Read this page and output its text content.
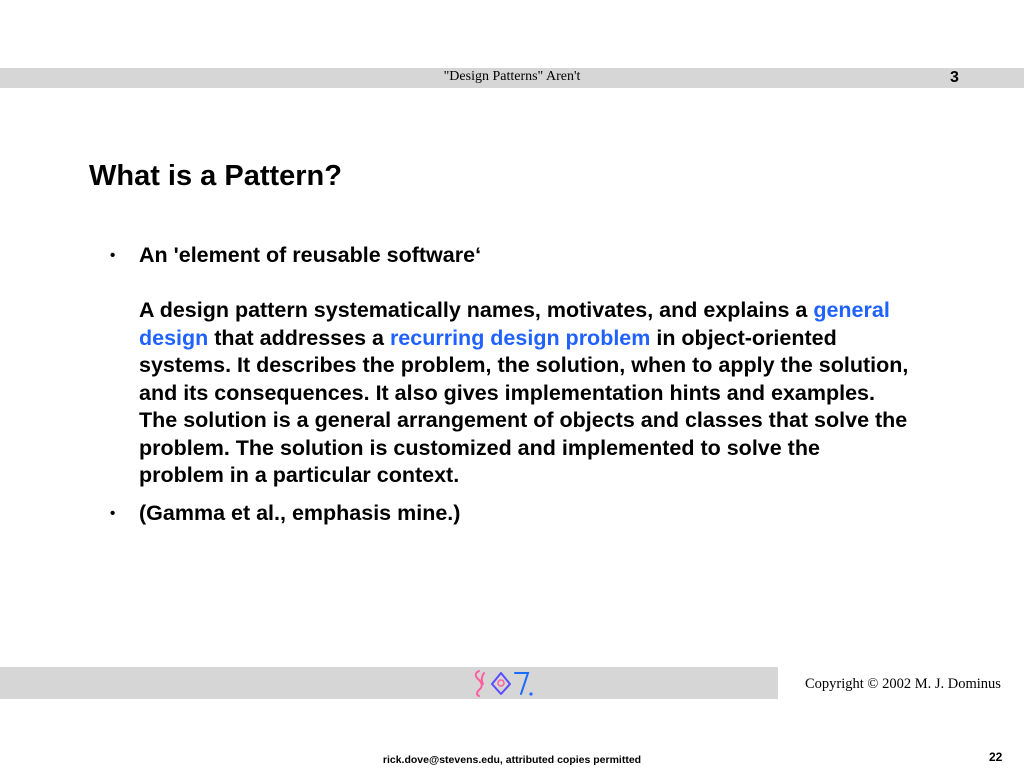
"Design Patterns" Aren't	3
What is a Pattern?
• An 'element of reusable software‘
A design pattern systematically names, motivates, and explains a general design that addresses a recurring design problem in object-oriented systems. It describes the problem, the solution, when to apply the solution, and its consequences. It also gives implementation hints and examples. The solution is a general arrangement of objects and classes that solve the problem. The solution is customized and implemented to solve the problem in a particular context.
• (Gamma et al., emphasis mine.)
Copyright © 2002 M. J. Dominus
rick.dove@stevens.edu, attributed copies permitted	22
